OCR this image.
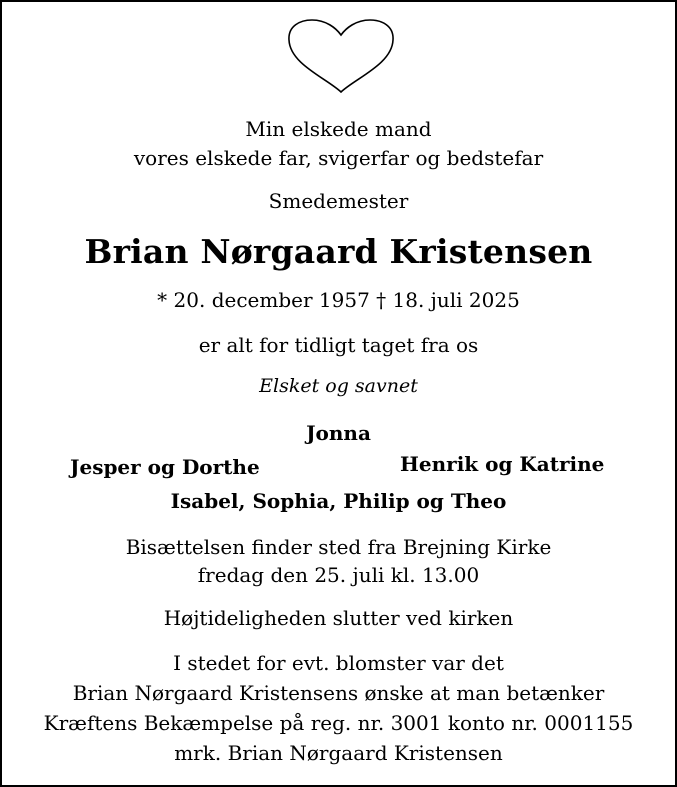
Min elskede mand
vores elskede far, svigerfar og bedstefar
Smedemester
Brian Nørgaard Kristensen
* 20. december 1957 † 18. juli 2025
er alt for tidligt taget fra os
Elsket og savnet
Jonna
Jesper og Dorthe	Henrik og Katrine
Isabel, Sophia, Philip og Theo
Bisættelsen finder sted fra Brejning Kirke
fredag den 25. juli kl. 13.00
Højtideligheden slutter ved kirken
I stedet for evt. blomster var det
Brian Nørgaard Kristensens ønske at man betænker
Kræftens Bekæmpelse på reg. nr. 3001 konto nr. 0001155
mrk. Brian Nørgaard Kristensen
